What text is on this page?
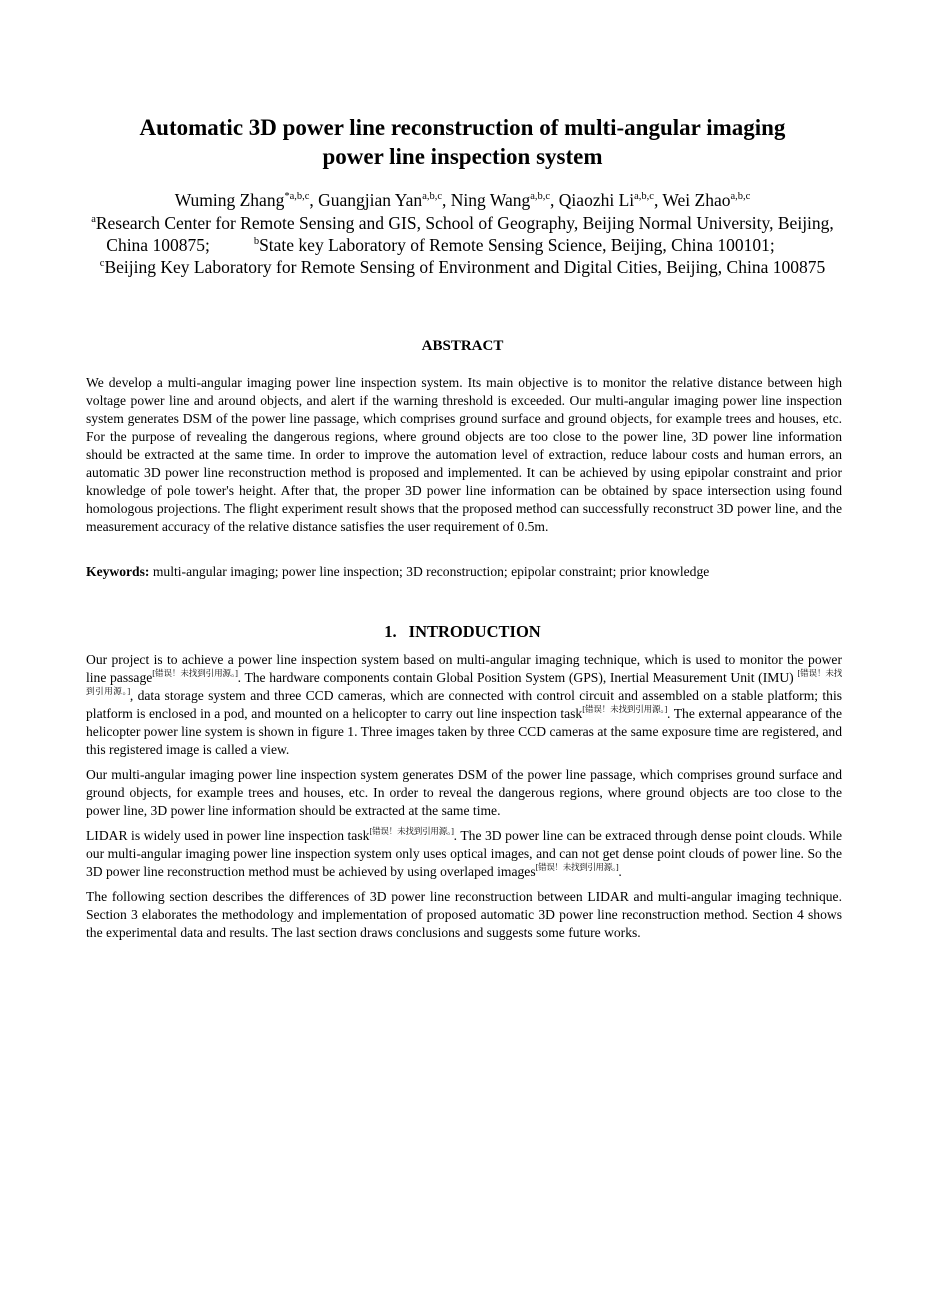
Automatic 3D power line reconstruction of multi-angular imaging
power line inspection system
Wuming Zhang$^{*a,b,c}$, Guangjian Yan$^{a,b,c}$, Ning Wang$^{a,b,c}$, Qiaozhi Li$^{a,b,c}$, Wei Zhao$^{a,b,c}$
$^a$Research Center for Remote Sensing and GIS, School of Geography, Beijing Normal University, Beijing, China 100875;	$^b$State key Laboratory of Remote Sensing Science, Beijing, China 100101;$^c$Beijing Key Laboratory for Remote Sensing of Environment and Digital Cities, Beijing, China 100875
ABSTRACT

We develop a multi-angular imaging power line inspection system. Its main objective is to monitor the relative distance between high voltage power line and around objects, and alert if the warning threshold is exceeded. Our multi-angular imaging power line inspection system generates DSM of the power line passage, which comprises ground surface and ground objects, for example trees and houses, etc. For the purpose of revealing the dangerous regions, where ground objects are too close to the power line, 3D power line information should be extracted at the same time. In order to improve the automation level of extraction, reduce labour costs and human errors, an automatic 3D power line reconstruction method is proposed and implemented. It can be achieved by using epipolar constraint and prior knowledge of pole tower's height. After that, the proper 3D power line information can be obtained by space intersection using found homologous projections. The flight experiment result shows that the proposed method can successfully reconstruct 3D power line, and the measurement accuracy of the relative distance satisfies the user requirement of 0.5m.

Keywords: multi-angular imaging; power line inspection; 3D reconstruction; epipolar constraint; prior knowledge

1. INTRODUCTION

Our project is to achieve a power line inspection system based on multi-angular imaging technique, which is used to monitor the power line passage[错误！未找到引用源。]. The hardware components contain Global Position System (GPS), Inertial Measurement Unit (IMU) [错误！未找到引用源。], data storage system and three CCD cameras, which are connected with control circuit and assembled on a stable platform; this platform is enclosed in a pod, and mounted on a helicopter to carry out line inspection task[错误！未找到引用源。]. The external appearance of the helicopter power line system is shown in figure 1. Three images taken by three CCD cameras at the same exposure time are registered, and this registered image is called a view.

Our multi-angular imaging power line inspection system generates DSM of the power line passage, which comprises ground surface and ground objects, for example trees and houses, etc. In order to reveal the dangerous regions, where ground objects are too close to the power line, 3D power line information should be extracted at the same time.

LIDAR is widely used in power line inspection task[错误！未找到引用源。]. The 3D power line can be extraced through dense point clouds. While our multi-angular imaging power line inspection system only uses optical images, and can not get dense point clouds of power line. So the 3D power line reconstruction method must be achieved by using overlaped images[错误！未找到引用源。].

The following section describes the differences of 3D power line reconstruction between LIDAR and multi-angular imaging technique. Section 3 elaborates the methodology and implementation of proposed automatic 3D power line reconstruction method. Section 4 shows the experimental data and results. The last section draws conclusions and suggests some future works.
